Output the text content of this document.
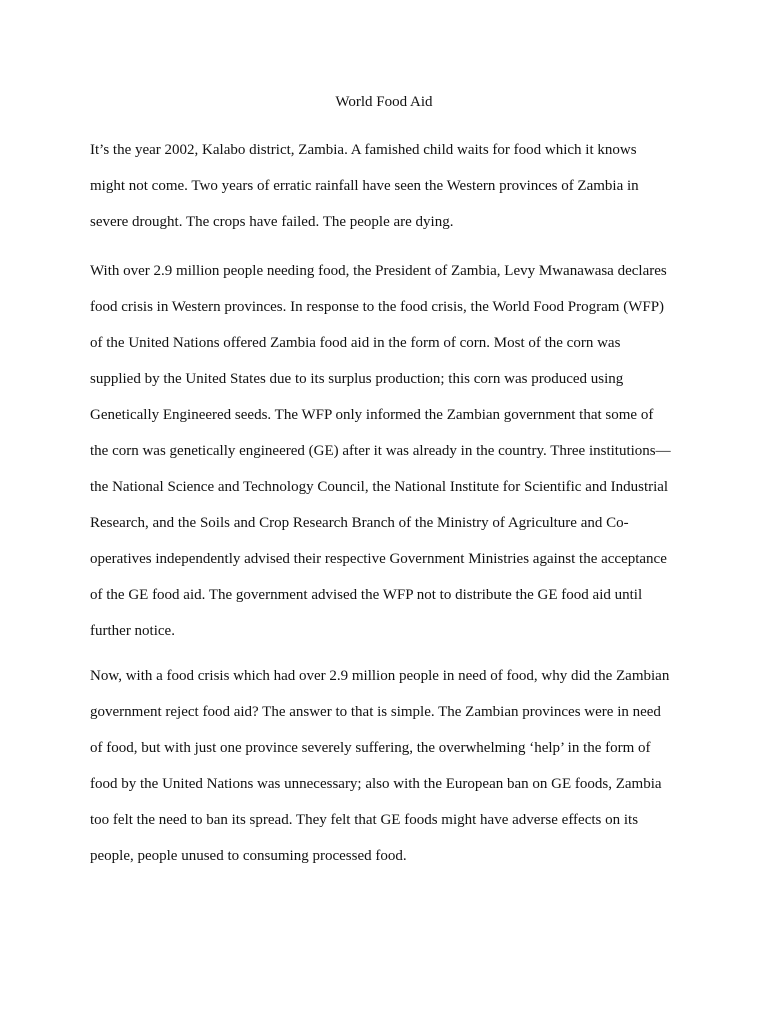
World Food Aid
It’s the year 2002, Kalabo district, Zambia. A famished child waits for food which it knows
might not come. Two years of erratic rainfall have seen the Western provinces of Zambia in
severe drought. The crops have failed. The people are dying.
With over 2.9 million people needing food, the President of Zambia, Levy Mwanawasa declares
food crisis in Western provinces. In response to the food crisis, the World Food Program (WFP)
of the United Nations offered Zambia food aid in the form of corn. Most of the corn was
supplied by the United States due to its surplus production; this corn was produced using
Genetically Engineered seeds. The WFP only informed the Zambian government that some of
the corn was genetically engineered (GE) after it was already in the country. Three institutions—
the National Science and Technology Council, the National Institute for Scientific and Industrial
Research, and the Soils and Crop Research Branch of the Ministry of Agriculture and Co-
operatives independently advised their respective Government Ministries against the acceptance
of the GE food aid. The government advised the WFP not to distribute the GE food aid until
further notice.
Now, with a food crisis which had over 2.9 million people in need of food, why did the Zambian
government reject food aid? The answer to that is simple. The Zambian provinces were in need
of food, but with just one province severely suffering, the overwhelming ‘help’ in the form of
food by the United Nations was unnecessary; also with the European ban on GE foods, Zambia
too felt the need to ban its spread. They felt that GE foods might have adverse effects on its
people, people unused to consuming processed food.
